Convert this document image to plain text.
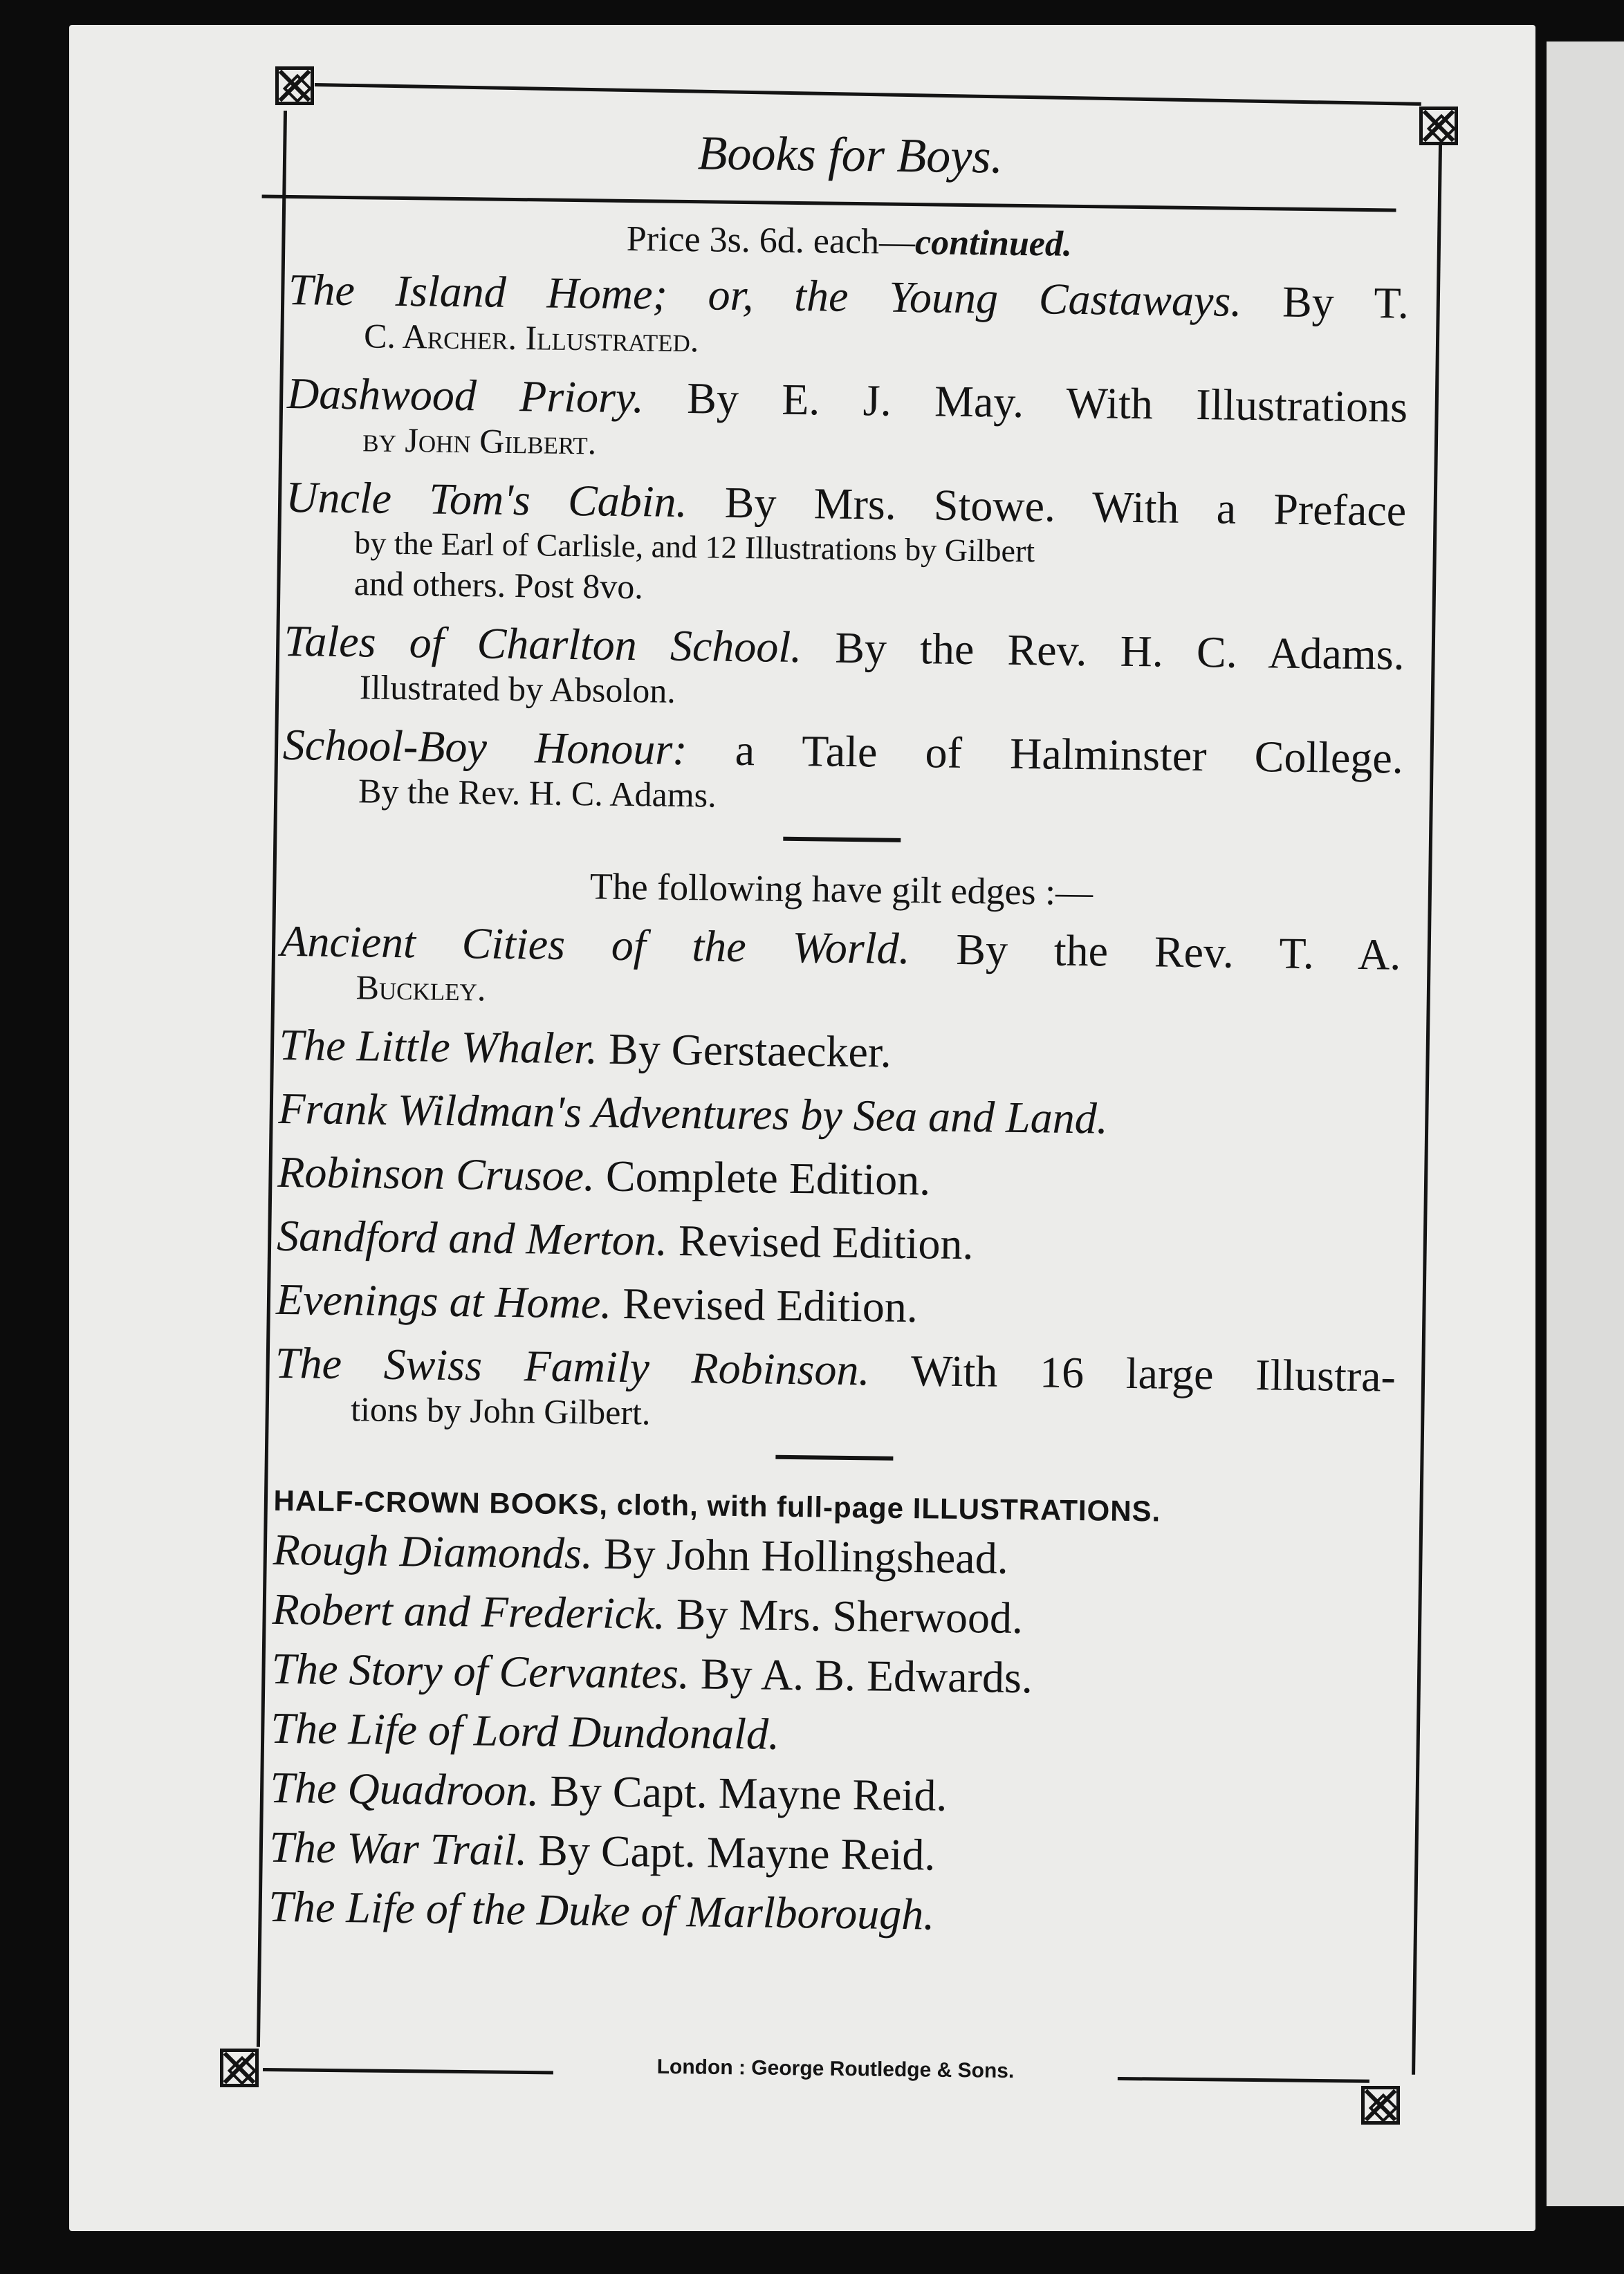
Books for Boys.

Price 3s. 6d. each—continued.

The Island Home; or, the Young Castaways. By T.
C. Archer. Illustrated.
Dashwood Priory. By E. J. May. With Illustrations
by John Gilbert.
Uncle Tom's Cabin. By Mrs. Stowe. With a Preface
by the Earl of Carlisle, and 12 Illustrations by Gilbert
and others. Post 8vo.
Tales of Charlton School. By the Rev. H. C. Adams.
Illustrated by Absolon.
School-Boy Honour: a Tale of Halminster College.
By the Rev. H. C. Adams.
The following have gilt edges :—
Ancient Cities of the World. By the Rev. T. A.
Buckley.
The Little Whaler. By Gerstaecker.
Frank Wildman's Adventures by Sea and Land.
Robinson Crusoe. Complete Edition.
Sandford and Merton. Revised Edition.
Evenings at Home. Revised Edition.
The Swiss Family Robinson. With 16 large Illustra-
tions by John Gilbert.
HALF-CROWN BOOKS, cloth, with full-page ILLUSTRATIONS.
Rough Diamonds. By John Hollingshead.
Robert and Frederick. By Mrs. Sherwood.
The Story of Cervantes. By A. B. Edwards.
The Life of Lord Dundonald.
The Quadroon. By Capt. Mayne Reid.
The War Trail. By Capt. Mayne Reid.
The Life of the Duke of Marlborough.
London : George Routledge & Sons.
